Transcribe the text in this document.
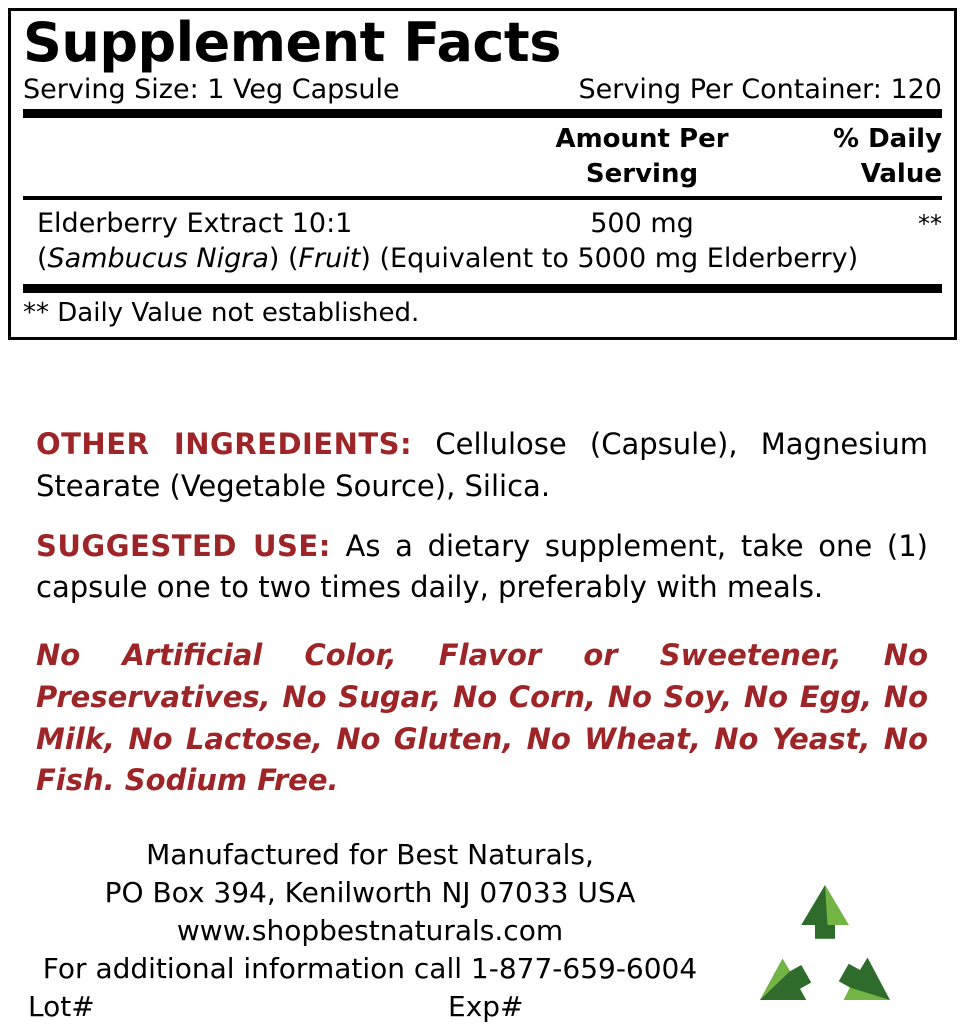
Supplement Facts
Serving Size: 1 Veg Capsule	Serving Per Container: 120
Amount Per
Serving
% Daily
Value
Elderberry Extract 10:1	500 mg	**
(Sambucus Nigra) (Fruit) (Equivalent to 5000 mg Elderberry)
** Daily Value not established.

OTHER INGREDIENTS: Cellulose (Capsule), Magnesium Stearate (Vegetable Source), Silica.

SUGGESTED USE: As a dietary supplement, take one (1) capsule one to two times daily, preferably with meals.

No Artificial Color, Flavor or Sweetener, No Preservatives, No Sugar, No Corn, No Soy, No Egg, No Milk, No Lactose, No Gluten, No Wheat, No Yeast, No Fish. Sodium Free.

Manufactured for Best Naturals,
PO Box 394, Kenilworth NJ 07033 USA
www.shopbestnaturals.com
For additional information call 1-877-659-6004
Lot#	Exp#
